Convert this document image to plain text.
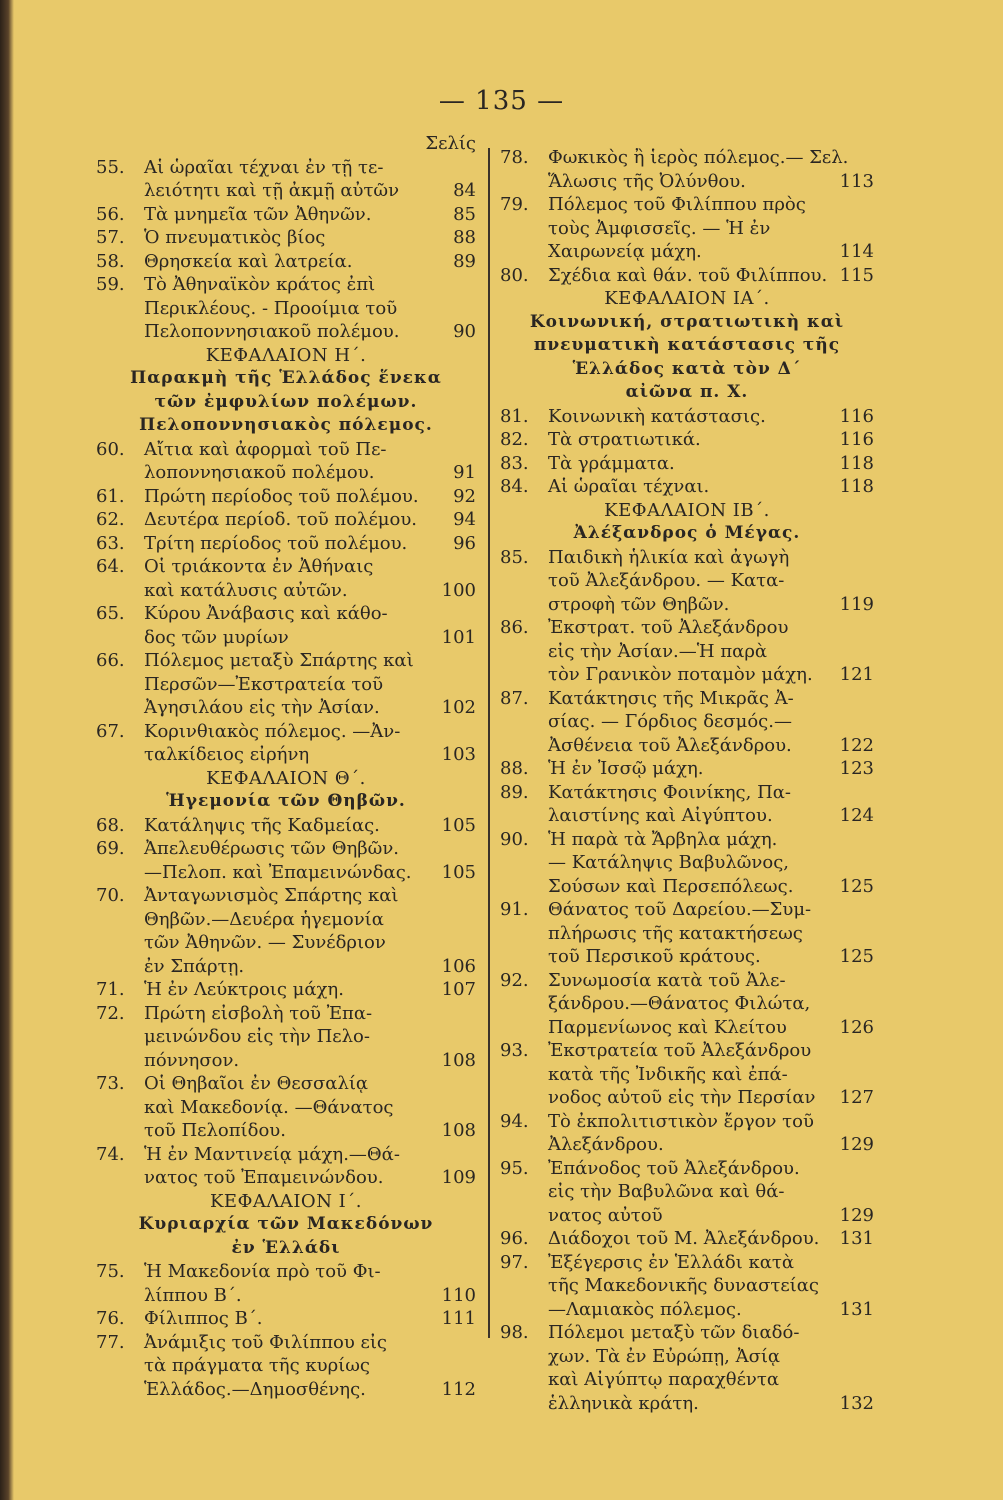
— 135 —
Σελίς
55. Αἱ ὡραῖαι τέχναι ἐν τῇ τε-
λειότητι καὶ τῇ ἀκμῇ αὐτῶν	84
56. Τὰ μνημεῖα τῶν Ἀθηνῶν.	85
57. Ὁ πνευματικὸς βίος	88
58. Θρησκεία καὶ λατρεία.	89
59. Τὸ Ἀθηναϊκὸν κράτος ἐπὶ
Περικλέους. - Προοίμια τοῦ
Πελοποννησιακοῦ πολέμου.	90
ΚΕΦΑΛΑΙΟΝ Η΄.
Παρακμὴ τῆς Ἑλλάδος ἕνεκα
τῶν ἐμφυλίων πολέμων.
Πελοποννησιακὸς πόλεμος.
60. Αἴτια καὶ ἀφορμαὶ τοῦ Πε-
λοποννησιακοῦ πολέμου.	91
61. Πρώτη περίοδος τοῦ πολέμου. 92
62. Δευτέρα περίοδ. τοῦ πολέμου. 94
63. Τρίτη περίοδος τοῦ πολέμου.	96
64. Οἱ τριάκοντα ἐν Ἀθήναις
καὶ κατάλυσις αὐτῶν.	100
65. Κύρου Ἀνάβασις καὶ κάθο-
δος τῶν μυρίων	101
66. Πόλεμος μεταξὺ Σπάρτης καὶ
Περσῶν—Ἐκστρατεία τοῦ
Ἀγησιλάου εἰς τὴν Ἀσίαν.	102
67. Κορινθιακὸς πόλεμος. —Ἀν-
ταλκίδειος εἰρήνη	103
ΚΕΦΑΛΑΙΟΝ Θ΄.
Ἡγεμονία τῶν Θηβῶν.
68. Κατάληψις τῆς Καδμείας.	105
69. Ἀπελευθέρωσις τῶν Θηβῶν.
—Πελοπ. καὶ Ἐπαμεινώνδας. 105
70. Ἀνταγωνισμὸς Σπάρτης καὶ
Θηβῶν.—Δευέρα ἡγεμονία
τῶν Ἀθηνῶν. — Συνέδριον
ἐν Σπάρτῃ.	106
71. Ἡ ἐν Λεύκτροις μάχη.	107
72. Πρώτη εἰσβολὴ τοῦ Ἐπα-
μεινώνδου εἰς τὴν Πελο-
πόννησον.	108
73. Οἱ Θηβαῖοι ἐν Θεσσαλίᾳ
καὶ Μακεδονίᾳ. —Θάνατος
τοῦ Πελοπίδου.	108
74. Ἡ ἐν Μαντινείᾳ μάχη.—Θά-
νατος τοῦ Ἐπαμεινώνδου.	109
ΚΕΦΑΛΑΙΟΝ Ι΄.
Κυριαρχία τῶν Μακεδόνων
ἐν Ἑλλάδι
75. Ἡ Μακεδονία πρὸ τοῦ Φι-
λίππου Β΄.	110
76. Φίλιππος Β΄.	111
77. Ἀνάμιξις τοῦ Φιλίππου εἰς
τὰ πράγματα τῆς κυρίως
Ἑλλάδος.—Δημοσθένης.	112
78. Φωκικὸς ἢ ἱερὸς πόλεμος.— Σελ.
Ἅλωσις τῆς Ὀλύνθου.	113
79. Πόλεμος τοῦ Φιλίππου πρὸς
τοὺς Ἀμφισσεῖς. — Ἡ ἐν
Χαιρωνείᾳ μάχη.	114
80. Σχέδια καὶ θάν. τοῦ Φιλίππου. 115
ΚΕΦΑΛΑΙΟΝ ΙΑ΄.
Κοινωνική, στρατιωτικὴ καὶ
πνευματικὴ κατάστασις τῆς
Ἑλλάδος κατὰ τὸν Δ΄
αἰῶνα π. Χ.
81. Κοινωνικὴ κατάστασις.	116
82. Τὰ στρατιωτικά.	116
83. Τὰ γράμματα.	118
84. Αἱ ὡραῖαι τέχναι.	118
ΚΕΦΑΛΑΙΟΝ ΙΒ΄.
Ἀλέξανδρος ὁ Μέγας.
85. Παιδικὴ ἡλικία καὶ ἀγωγὴ
τοῦ Ἀλεξάνδρου. — Κατα-
στροφὴ τῶν Θηβῶν.	119
86. Ἐκστρατ. τοῦ Ἀλεξάνδρου
εἰς τὴν Ἀσίαν.—Ἡ παρὰ
τὸν Γρανικὸν ποταμὸν μάχη. 121
87. Κατάκτησις τῆς Μικρᾶς Ἀ-
σίας. — Γόρδιος δεσμός.—
Ἀσθένεια τοῦ Ἀλεξάνδρου.	122
88. Ἡ ἐν Ἰσσῷ μάχη.	123
89. Κατάκτησις Φοινίκης, Πα-
λαιστίνης καὶ Αἰγύπτου.	124
90. Ἡ παρὰ τὰ Ἄρβηλα μάχη.
— Κατάληψις Βαβυλῶνος,
Σούσων καὶ Περσεπόλεως.	125
91. Θάνατος τοῦ Δαρείου.—Συμ-
πλήρωσις τῆς κατακτήσεως
τοῦ Περσικοῦ κράτους.	125
92. Συνωμοσία κατὰ τοῦ Ἀλε-
ξάνδρου.—Θάνατος Φιλώτα,
Παρμενίωνος καὶ Κλείτου	126
93. Ἐκστρατεία τοῦ Ἀλεξάνδρου
κατὰ τῆς Ἰνδικῆς καὶ ἐπά-
νοδος αὐτοῦ εἰς τὴν Περσίαν 127
94. Τὸ ἐκπολιτιστικὸν ἔργον τοῦ
Ἀλεξάνδρου.	129
95. Ἐπάνοδος τοῦ Ἀλεξάνδρου.
εἰς τὴν Βαβυλῶνα καὶ θά-
νατος αὐτοῦ	129
96. Διάδοχοι τοῦ Μ. Ἀλεξάνδρου. 131
97. Ἐξέγερσις ἐν Ἑλλάδι κατὰ
τῆς Μακεδονικῆς δυναστείας
—Λαμιακὸς πόλεμος.	131
98. Πόλεμοι μεταξὺ τῶν διαδό-
χων. Τὰ ἐν Εὐρώπῃ, Ἀσίᾳ
καὶ Αἰγύπτῳ παραχθέντα
ἑλληνικὰ κράτη.	132
